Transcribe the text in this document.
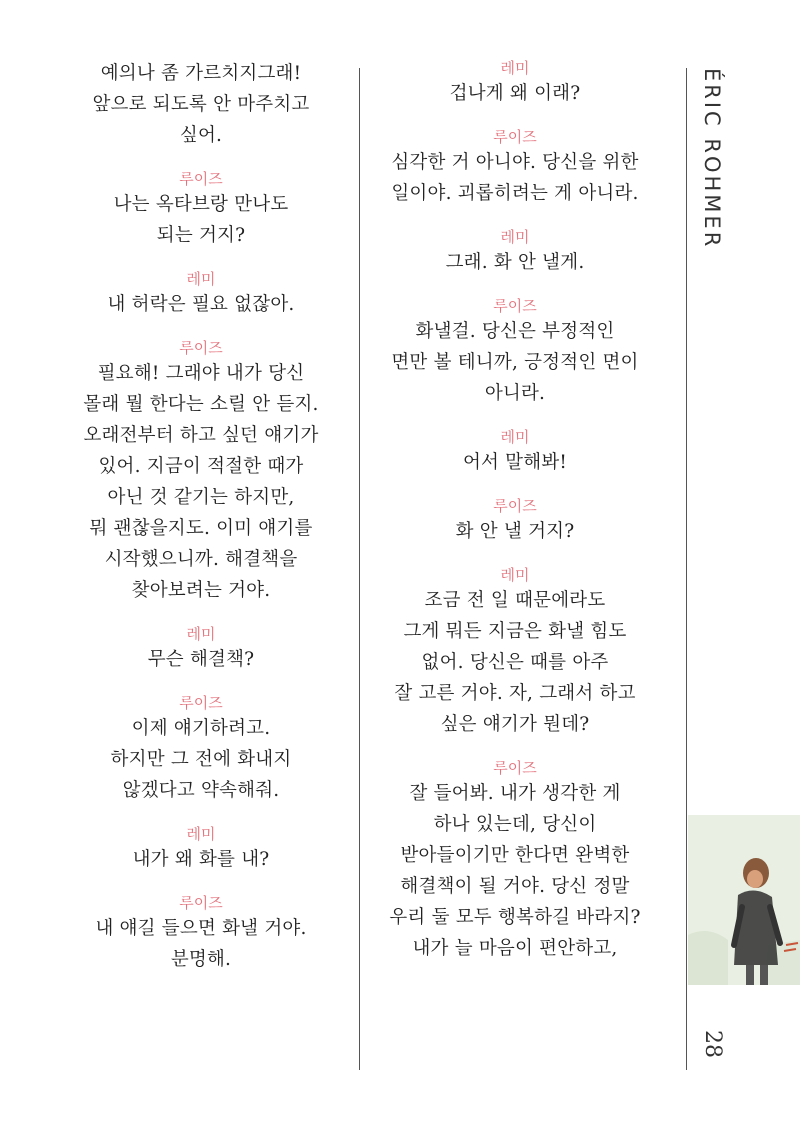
예의나 좀 가르치지그래!
앞으로 되도록 안 마주치고
싶어.
루이즈
나는 옥타브랑 만나도
되는 거지?
레미
내 허락은 필요 없잖아.
루이즈
필요해! 그래야 내가 당신
몰래 뭘 한다는 소릴 안 듣지.
오래전부터 하고 싶던 얘기가
있어. 지금이 적절한 때가
아닌 것 같기는 하지만,
뭐 괜찮을지도. 이미 얘기를
시작했으니까. 해결책을
찾아보려는 거야.
레미
무슨 해결책?
루이즈
이제 얘기하려고.
하지만 그 전에 화내지
않겠다고 약속해줘.
레미
내가 왜 화를 내?
루이즈
내 얘길 들으면 화낼 거야.
분명해.
레미
겁나게 왜 이래?
루이즈
심각한 거 아니야. 당신을 위한
일이야. 괴롭히려는 게 아니라.
레미
그래. 화 안 낼게.
루이즈
화낼걸. 당신은 부정적인
면만 볼 테니까, 긍정적인 면이
아니라.
레미
어서 말해봐!
루이즈
화 안 낼 거지?
레미
조금 전 일 때문에라도
그게 뭐든 지금은 화낼 힘도
없어. 당신은 때를 아주
잘 고른 거야. 자, 그래서 하고
싶은 얘기가 뭔데?
루이즈
잘 들어봐. 내가 생각한 게
하나 있는데, 당신이
받아들이기만 한다면 완벽한
해결책이 될 거야. 당신 정말
우리 둘 모두 행복하길 바라지?
내가 늘 마음이 편안하고,
ÉRIC ROHMER
28
